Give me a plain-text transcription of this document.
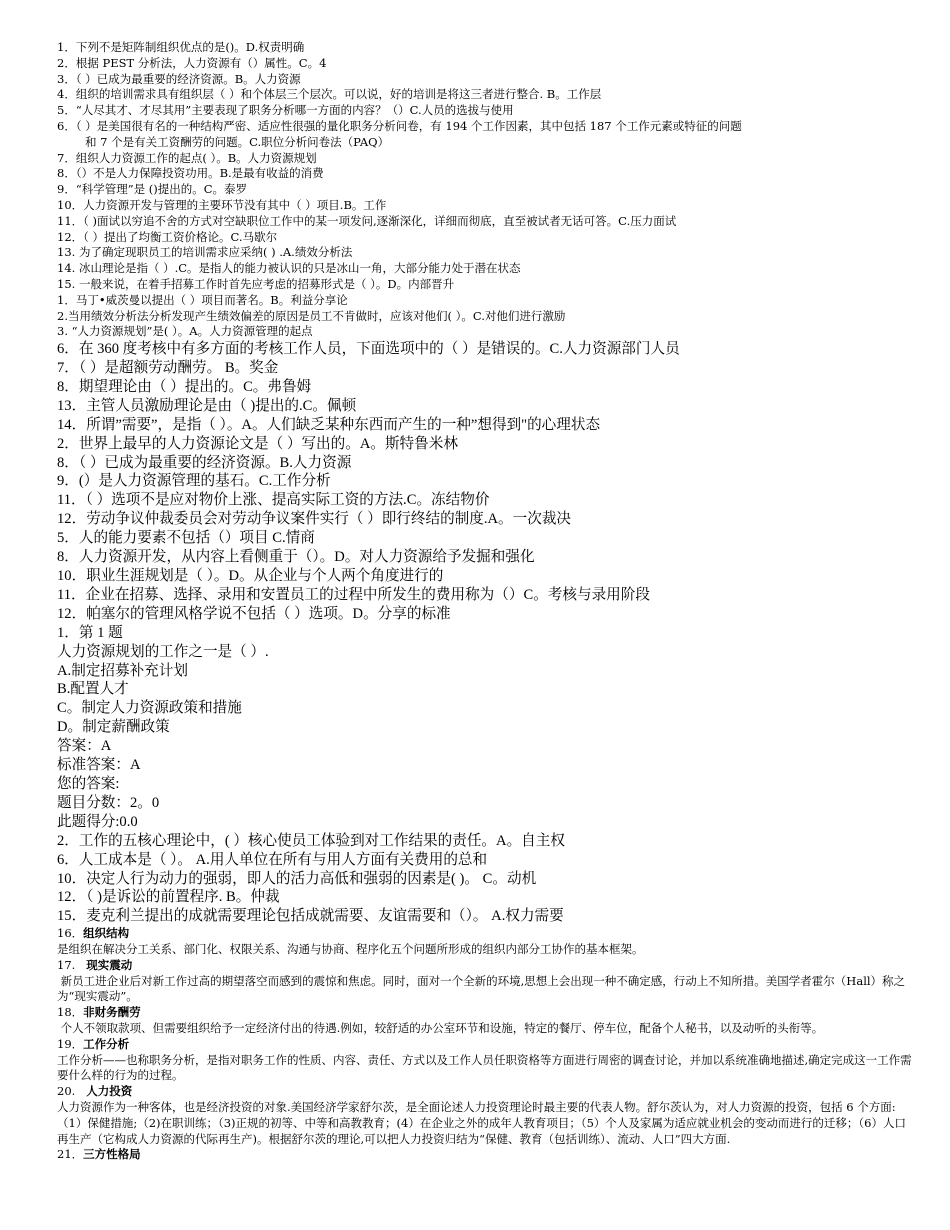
1．下列不是矩阵制组织优点的是()。D.权责明确
2．根据 PEST 分析法，人力资源有（）属性。C。4
3．（ ）已成为最重要的经济资源。B。人力资源
4．组织的培训需求具有组织层（ ）和个体层三个层次。可以说，好的培训是将这三者进行整合. B。工作层
5．“人尽其才、才尽其用”主要表现了职务分析哪一方面的内容？（）C.人员的选拔与使用
6．（ ）是美国很有名的一种结构严密、适应性很强的量化职务分析问卷，有 194 个工作因素，其中包括 187 个工作元素或特征的问题
和 7 个是有关工资酬劳的问题。C.职位分析问卷法（PAQ）
7．组织人力资源工作的起点( ）。B。人力资源规划
8．（）不是人力保障投资功用。B.是最有收益的消费
9．“科学管理”是 ()提出的。C。泰罗
10．人力资源开发与管理的主要环节没有其中（ ）项目.B。工作
11．（ )面试以穷追不舍的方式对空缺职位工作中的某一项发问,逐渐深化，详细而彻底，直至被试者无话可答。C.压力面试
12．（ ）提出了均衡工资价格论。C.马歇尔
13. 为了确定现职员工的培训需求应采纳( ) .A.绩效分析法
14. 冰山理论是指（ ）.C。是指人的能力被认识的只是冰山一角，大部分能力处于潜在状态
15. 一般来说，在着手招募工作时首先应考虑的招募形式是（ ）。D。内部晋升
1．马丁•威茨曼以提出（ ）项目而著名。B。利益分享论
2.当用绩效分析法分析发现产生绩效偏差的原因是员工不肯做时，应该对他们( ）。C.对他们进行激励
3. “人力资源规划”是( ）。A。人力资源管理的起点
6．在 360 度考核中有多方面的考核工作人员，下面选项中的（ ）是错误的。C.人力资源部门人员
7．（ ）是超额劳动酬劳。 B。奖金
8．期望理论由（ ）提出的。C。弗鲁姆
13．主管人员激励理论是由（ )提出的.C。佩顿
14．所谓”需要”，是指（ ）。A。人们缺乏某种东西而产生的一种”想得到"的心理状态
2．世界上最早的人力资源论文是（ ）写出的。A。斯特鲁米林
8．（ ）已成为最重要的经济资源。B.人力资源
9．(）是人力资源管理的基石。C.工作分析
11．（ ）选项不是应对物价上涨、提高实际工资的方法.C。冻结物价
12．劳动争议仲裁委员会对劳动争议案件实行（ ）即行终结的制度.A。一次裁决
5．人的能力要素不包括（）项目 C.情商
8．人力资源开发，从内容上看侧重于（）。D。对人力资源给予发掘和强化
10．职业生涯规划是（ ）。D。从企业与个人两个角度进行的
11．企业在招募、选择、录用和安置员工的过程中所发生的费用称为（）C。考核与录用阶段
12．帕塞尔的管理风格学说不包括（ ）选项。D。分享的标准
1．第 1 题
人力资源规划的工作之一是（ ）.
A.制定招募补充计划
B.配置人才
C。制定人力资源政策和措施
D。制定薪酬政策
答案：A
标准答案：A
您的答案:
题目分数：2。0
此题得分:0.0
2．工作的五核心理论中，( ）核心使员工体验到对工作结果的责任。A。自主权
6．人工成本是（ ）。 A.用人单位在所有与用人方面有关费用的总和
10．决定人行为动力的强弱，即人的活力高低和强弱的因素是( )。 C。动机
12．（ )是诉讼的前置程序. B。仲裁
15．麦克利兰提出的成就需要理论包括成就需要、友谊需要和（）。 A.权力需要
16．组织结构
是组织在解决分工关系、部门化、权限关系、沟通与协商、程序化五个问题所形成的组织内部分工协作的基本框架。
17.   现实震动
新员工进企业后对新工作过高的期望落空而感到的震惊和焦虑。同时，面对一个全新的环境,思想上会出现一种不确定感，行动上不知所措。美国学者霍尔（Hall）称之为“现实震动”。
18．非财务酬劳
个人不领取款项、但需要组织给予一定经济付出的待遇.例如，较舒适的办公室环节和设施，特定的餐厅、停车位，配备个人秘书，以及动听的头衔等。
19．工作分析
工作分析——也称职务分析，是指对职务工作的性质、内容、责任、方式以及工作人员任职资格等方面进行周密的调查讨论，并加以系统准确地描述,确定完成这一工作需要什么样的行为的过程。
20.   人力投资
人力资源作为一种客体，也是经济投资的对象.美国经济学家舒尔茨，是全面论述人力投资理论时最主要的代表人物。舒尔茨认为，对人力资源的投资，包括 6 个方面:（1）保健措施;（2)在职训练；（3)正规的初等、中等和高教教育；(4）在企业之外的成年人教育项目；（5）个人及家属为适应就业机会的变动而进行的迁移；（6）人口再生产（它构成人力资源的代际再生产)。根据舒尔茨的理论,可以把人力投资归结为“保健、教育（包括训练）、流动、人口”四大方面.
21．三方性格局
